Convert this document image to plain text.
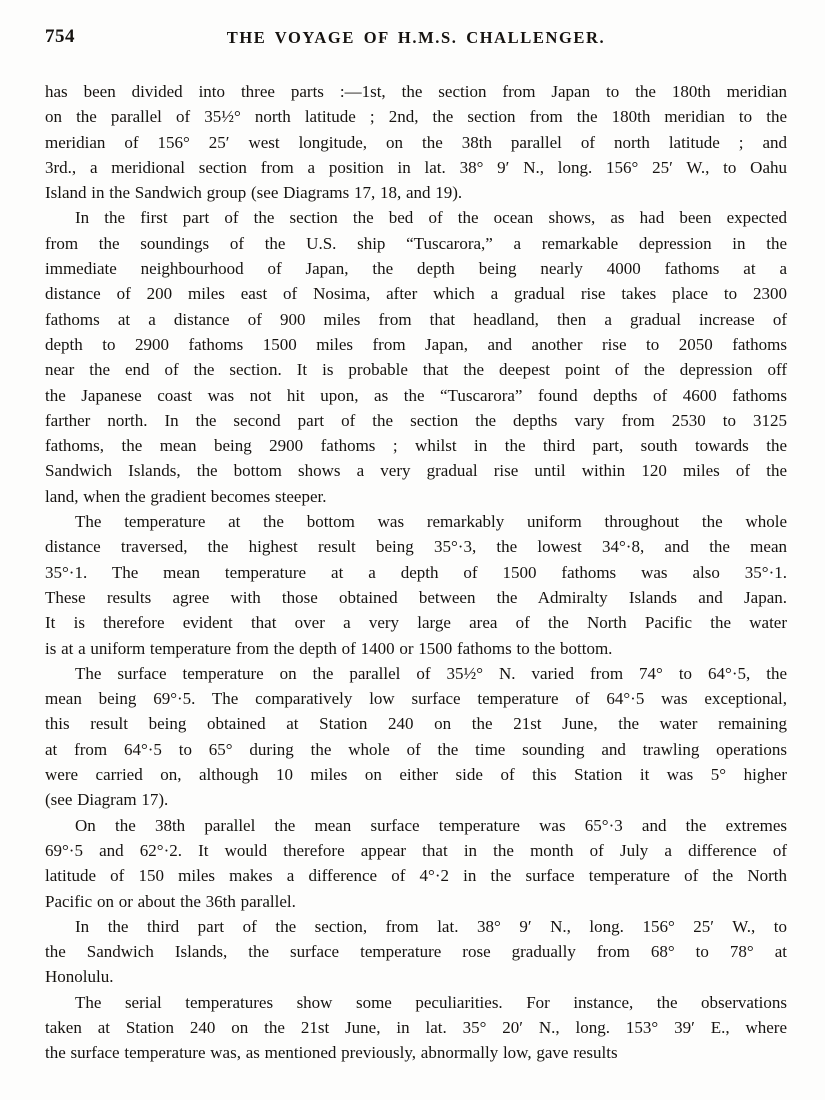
754	THE VOYAGE OF H.M.S. CHALLENGER.
has been divided into three parts :—1st, the section from Japan to the 180th meridian
on the parallel of 35½° north latitude ; 2nd, the section from the 180th meridian to the
meridian of 156° 25′ west longitude, on the 38th parallel of north latitude ; and
3rd., a meridional section from a position in lat. 38° 9′ N., long. 156° 25′ W., to Oahu
Island in the Sandwich group (see Diagrams 17, 18, and 19).
In the first part of the section the bed of the ocean shows, as had been expected
from the soundings of the U.S. ship “Tuscarora,” a remarkable depression in the
immediate neighbourhood of Japan, the depth being nearly 4000 fathoms at a
distance of 200 miles east of Nosima, after which a gradual rise takes place to 2300
fathoms at a distance of 900 miles from that headland, then a gradual increase of
depth to 2900 fathoms 1500 miles from Japan, and another rise to 2050 fathoms
near the end of the section. It is probable that the deepest point of the depression off
the Japanese coast was not hit upon, as the “Tuscarora” found depths of 4600 fathoms
farther north. In the second part of the section the depths vary from 2530 to 3125
fathoms, the mean being 2900 fathoms ; whilst in the third part, south towards the
Sandwich Islands, the bottom shows a very gradual rise until within 120 miles of the
land, when the gradient becomes steeper.
The temperature at the bottom was remarkably uniform throughout the whole
distance traversed, the highest result being 35°·3, the lowest 34°·8, and the mean
35°·1. The mean temperature at a depth of 1500 fathoms was also 35°·1.
These results agree with those obtained between the Admiralty Islands and Japan.
It is therefore evident that over a very large area of the North Pacific the water
is at a uniform temperature from the depth of 1400 or 1500 fathoms to the bottom.
The surface temperature on the parallel of 35½° N. varied from 74° to 64°·5, the
mean being 69°·5. The comparatively low surface temperature of 64°·5 was exceptional,
this result being obtained at Station 240 on the 21st June, the water remaining
at from 64°·5 to 65° during the whole of the time sounding and trawling operations
were carried on, although 10 miles on either side of this Station it was 5° higher
(see Diagram 17).
On the 38th parallel the mean surface temperature was 65°·3 and the extremes
69°·5 and 62°·2. It would therefore appear that in the month of July a difference of
latitude of 150 miles makes a difference of 4°·2 in the surface temperature of the North
Pacific on or about the 36th parallel.
In the third part of the section, from lat. 38° 9′ N., long. 156° 25′ W., to
the Sandwich Islands, the surface temperature rose gradually from 68° to 78° at
Honolulu.
The serial temperatures show some peculiarities. For instance, the observations
taken at Station 240 on the 21st June, in lat. 35° 20′ N., long. 153° 39′ E., where
the surface temperature was, as mentioned previously, abnormally low, gave results
